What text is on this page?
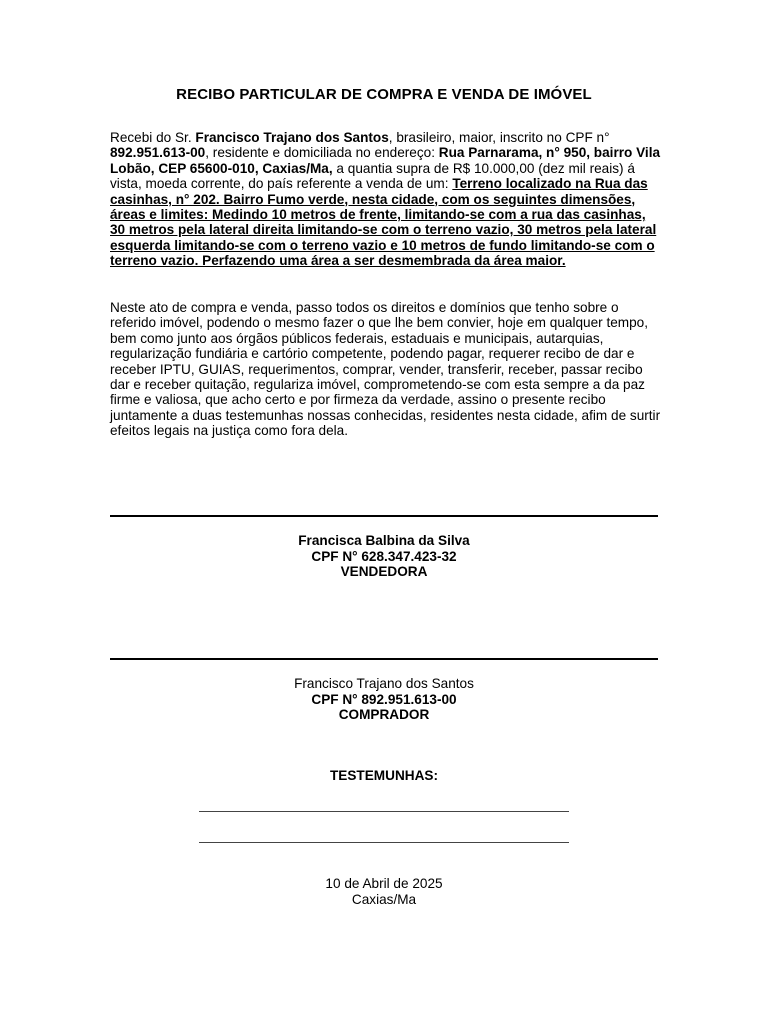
RECIBO PARTICULAR DE COMPRA E VENDA DE IMÓVEL

Recebi do Sr. Francisco Trajano dos Santos, brasileiro, maior, inscrito no CPF n° 892.951.613-00, residente e domiciliada no endereço: Rua Parnarama, n° 950, bairro Vila Lobão, CEP 65600-010, Caxias/Ma, a quantia supra de R$ 10.000,00 (dez mil reais) á vista, moeda corrente, do país referente a venda de um: Terreno localizado na Rua das casinhas, n° 202. Bairro Fumo verde, nesta cidade, com os seguintes dimensões, áreas e limites: Medindo 10 metros de frente, limitando-se com a rua das casinhas, 30 metros pela lateral direita limitando-se com o terreno vazio, 30 metros pela lateral esquerda limitando-se com o terreno vazio e 10 metros de fundo limitando-se com o terreno vazio. Perfazendo uma área a ser desmembrada da área maior.

Neste ato de compra e venda, passo todos os direitos e domínios que tenho sobre o referido imóvel, podendo o mesmo fazer o que lhe bem convier, hoje em qualquer tempo, bem como junto aos órgãos públicos federais, estaduais e municipais, autarquias, regularização fundiária e cartório competente, podendo pagar, requerer recibo de dar e receber IPTU, GUIAS, requerimentos, comprar, vender, transferir, receber, passar recibo dar e receber quitação, regulariza imóvel, comprometendo-se com esta sempre a da paz firme e valiosa, que acho certo e por firmeza da verdade, assino o presente recibo juntamente a duas testemunhas nossas conhecidas, residentes nesta cidade, afim de surtir efeitos legais na justiça como fora dela.

Francisca Balbina da Silva
CPF N° 628.347.423-32
VENDEDORA
Francisco Trajano dos Santos
CPF N° 892.951.613-00
COMPRADOR
TESTEMUNHAS:
10 de Abril de 2025
Caxias/Ma
